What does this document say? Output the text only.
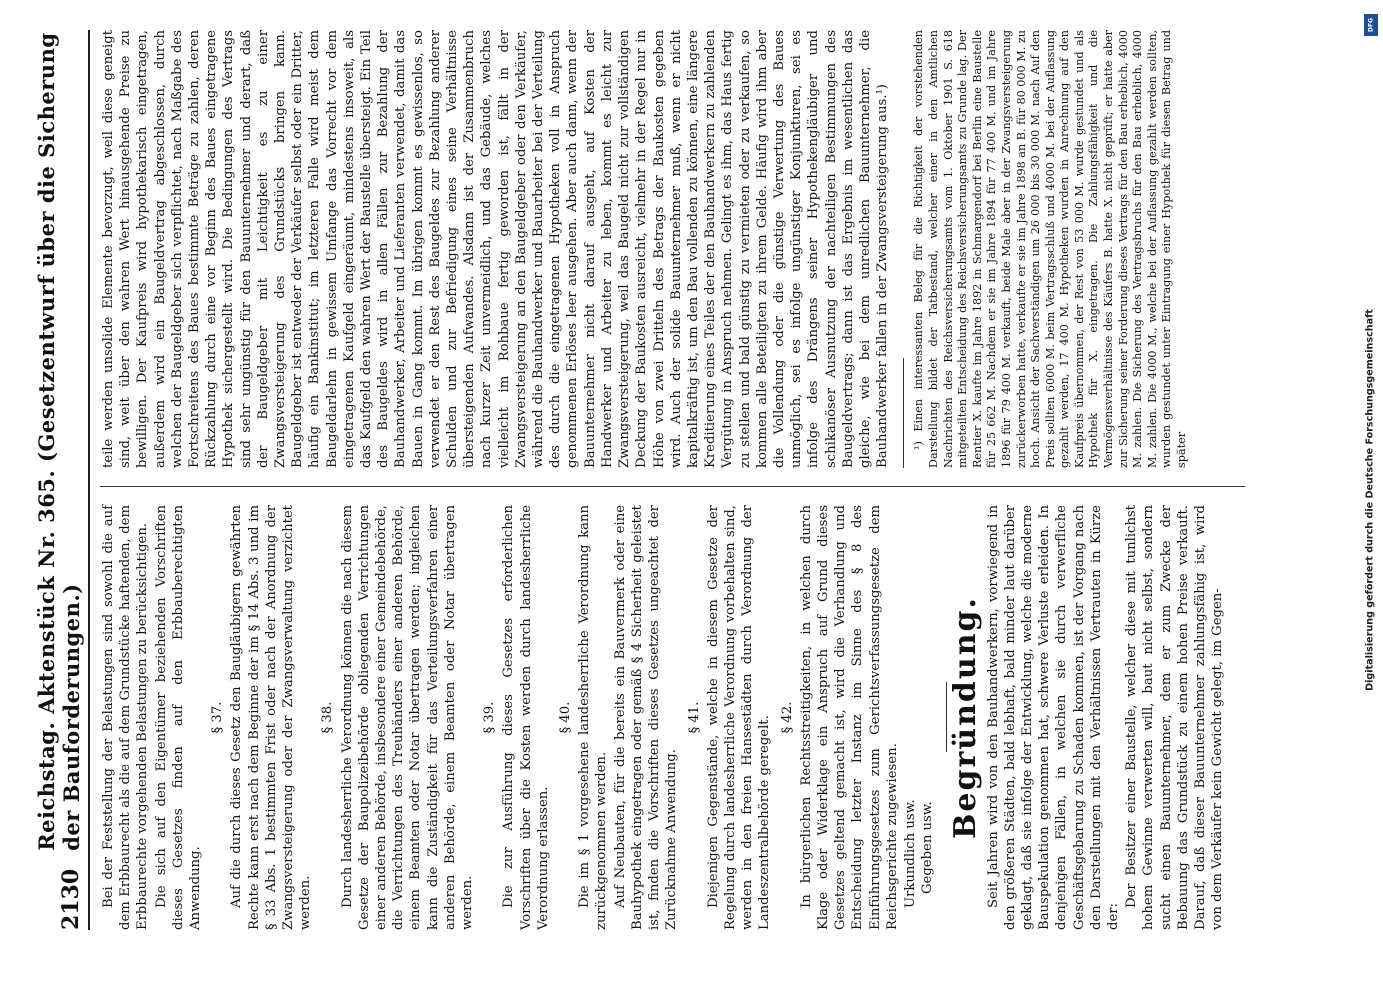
2130
Reichstag. Aktenstück Nr. 365. (Gesetzentwurf über die Sicherung der Bauforderungen.) Bei der Feststellung der Belastungen sind sowohl die auf dem Erbbaurecht als die auf dem Grundstücke haftenden, dem Erbbaurechte vorgehenden Belastungen zu berücksichtigen. Die sich auf den Eigentümer beziehenden Vorschriften dieses Gesetzes finden auf den Erbbauberechtigten Anwendung.

§ 37. Auf die durch dieses Gesetz den Baugläubigern gewährten Rechte kann erst nach dem Beginne der im § 14 Abs. 3 und im § 33 Abs. 1 bestimmten Frist oder nach der Anordnung der Zwangsversteigerung oder der Zwangsverwaltung verzichtet werden.

§ 38. Durch landesherrliche Verordnung können die nach diesem Gesetze der Baupolizeibehörde obliegenden Verrichtungen einer anderen Behörde, insbesondere einer Gemeindebehörde, die Verrichtungen des Treuhänders einer anderen Behörde, einem Beamten oder Notar übertragen werden; ingleichen kann die Zuständigkeit für das Verteilungsverfahren einer anderen Behörde, einem Beamten oder Notar übertragen werden.

§ 39. Die zur Ausführung dieses Gesetzes erforderlichen Vorschriften über die Kosten werden durch landesherrliche Verordnung erlassen.

§ 40. Die im § 1 vorgesehene landesherrliche Verordnung kann zurückgenommen werden. Auf Neubauten, für die bereits ein Bauvermerk oder eine Bauhypothek eingetragen oder gemäß § 4 Sicherheit geleistet ist, finden die Vorschriften dieses Gesetzes ungeachtet der Zurücknahme Anwendung.

§ 41. Diejenigen Gegenstände, welche in diesem Gesetze der Regelung durch landesherrliche Verordnung vorbehalten sind, werden in den freien Hansestädten durch Verordnung der Landeszentralbehörde geregelt. § 42. In bürgerlichen Rechtsstreitigkeiten, in welchen durch Klage oder Widerklage ein Anspruch auf Grund dieses Gesetzes geltend gemacht ist, wird die Verhandlung und Entscheidung letzter Instanz im Sinne des § 8 des Einführungsgesetzes zum Gerichtsverfassungsgesetze dem Reichsgerichte zugewiesen. Urkundlich usw. Gegeben usw.
Begründung. Seit Jahren wird von den Bauhandwerkern, vorwiegend in den größeren Städten, bald lebhaft, bald minder laut darüber geklagt, daß sie infolge der Entwicklung, welche die moderne Bauspekulation genommen hat, schwere Verluste erleiden. In denjenigen Fällen, in welchen sie durch verwerfliche Geschäftsgebarung zu Schaden kommen, ist der Vorgang nach den Darstellungen mit den Verhältnissen Vertrauten in Kürze der:

Der Besitzer einer Baustelle, welcher diese mit tunlichst hohem Gewinne verwerten will, baut nicht selbst, sondern sucht einen Bauunternehmer, dem er zum Zwecke der Bebauung das Grundstück zu einem hohen Preise verkauft. Darauf, daß dieser Bauunternehmer zahlungsfähig ist, wird von dem Verkäufer kein Gewicht gelegt, im Gegen-

teile werden unsolide Elemente bevorzugt, weil diese geneigt sind, weit über den wahren Wert hinausgehende Preise zu bewilligen. Der Kaufpreis wird hypothekarisch eingetragen, außerdem wird ein Baugeldvertrag abgeschlossen, durch welchen der Baugeldgeber sich verpflichtet, nach Maßgabe des Fortschreitens des Baues bestimmte Beträge zu zahlen, deren Rückzahlung durch eine vor Beginn des Baues eingetragene Hypothek sichergestellt wird. Die Bedingungen des Vertrags sind sehr ungünstig für den Bauunternehmer und derart, daß der Baugeldgeber mit Leichtigkeit es zu einer Zwangsversteigerung des Grundstücks bringen kann. Baugeldgeber ist entweder der Verkäufer selbst oder ein Dritter, häufig ein Bankinstitut; im letzteren Falle wird meist dem Baugeldarlehn in gewissem Umfange das Vorrecht vor dem eingetragenen Kaufgeld eingeräumt, mindestens insoweit, als das Kaufgeld den wahren Wert der Baustelle übersteigt. Ein Teil des Baugeldes wird in allen Fällen zur Bezahlung der Bauhandwerker, Arbeiter und Lieferanten verwendet, damit das Bauen in Gang kommt. Im übrigen kommt es gewissenlos, so verwendet er den Rest des Baugeldes zur Bezahlung anderer Schulden und zur Befriedigung eines seine Verhältnisse übersteigenden Aufwandes. Alsdann ist der Zusammenbruch nach kurzer Zeit unvermeidlich, und das Gebäude, welches vielleicht im Rohbaue fertig geworden ist, fällt in der Zwangsversteigerung an den Baugeldgeber oder den Verkäufer, während die Bauhandwerker und Bauarbeiter bei der Verteilung des durch die eingetragenen Hypotheken voll in Anspruch genommenen Erlöses leer ausgehen. Aber auch dann, wenn der Bauunternehmer nicht darauf ausgeht, auf Kosten der Handwerker und Arbeiter zu leben, kommt es leicht zur Zwangsversteigerung, weil das Baugeld nicht zur vollständigen Deckung der Baukosten ausreicht, vielmehr in der Regel nur in Höhe von zwei Dritteln des Betrags der Baukosten gegeben wird. Auch der solide Bauunternehmer muß, wenn er nicht kapitalkräftig ist, um den Bau vollenden zu können, eine längere Kreditierung eines Teiles der den Bauhandwerkern zu zahlenden Vergütung in Anspruch nehmen. Gelingt es ihm, das Haus fertig zu stellen und bald günstig zu vermieten oder zu verkaufen, so kommen alle Beteiligten zu ihrem Gelde. Häufig wird ihm aber die Vollendung oder die günstige Verwertung des Baues unmöglich, sei es infolge ungünstiger Konjunkturen, sei es infolge des Drängens seiner Hypothekengläubiger und schikanöser Ausnutzung der nachteiligen Bestimmungen des Baugeldvertrags; dann ist das Ergebnis im wesentlichen das gleiche, wie bei dem unredlichen Bauunternehmer, die Bauhandwerker fallen in der Zwangsversteigerung aus.¹) ¹) Einen interessanten Beleg für die Richtigkeit der vorstehenden Darstellung bildet der Tatbestand, welcher einer in den Amtlichen Nachrichten des Reichsversicherungsamts vom 1. Oktober 1901 S. 618 mitgeteilten Entscheidung des Reichsversicherungsamts zu Grunde lag. Der Rentier X. kaufte im Jahre 1892 in Schmargendorf bei Berlin eine Baustelle für 25 662 M. Nachdem er sie im Jahre 1894 für 77 400 M. und im Jahre 1896 für 79 400 M. verkauft, beide Male aber in der Zwangsversteigerung zurückerworben hatte, verkaufte er sie im Jahre 1898 an B. für 80 000 M. zu hoch. Ansicht der Sachverständigen um 26 000 bis 30 000 M. nach Auf den Preis sollten 6000 M. beim Vertragsschluß und 4000 M. bei der Auflassung gezahlt werden, 17 400 M. Hypotheken wurden in Anrechnung auf den Kaufpreis übernommen, der Rest von 53 000 M. wurde gestundet und als Hypothek für X. eingetragen. Die Zahlungsfähigkeit und die Vermögensverhältnisse des Käufers B. hatte X. nicht geprüft; er hatte aber zur Sicherung seiner Forderung dieses Vertrags für den Bau erheblich, 4000 M. zahlen. Die Sicherung des Vertragsbruchs für den Bau erheblich, 4000 M. zahlen. Die 4000 M., welche bei der Auflassung gezahlt werden sollten, wurden gestundet unter Eintragung einer Hypothek für diesen Betrag und später

DFG
Digitalisierung gefördert durch die Deutsche Forschungsgemeinschaft
